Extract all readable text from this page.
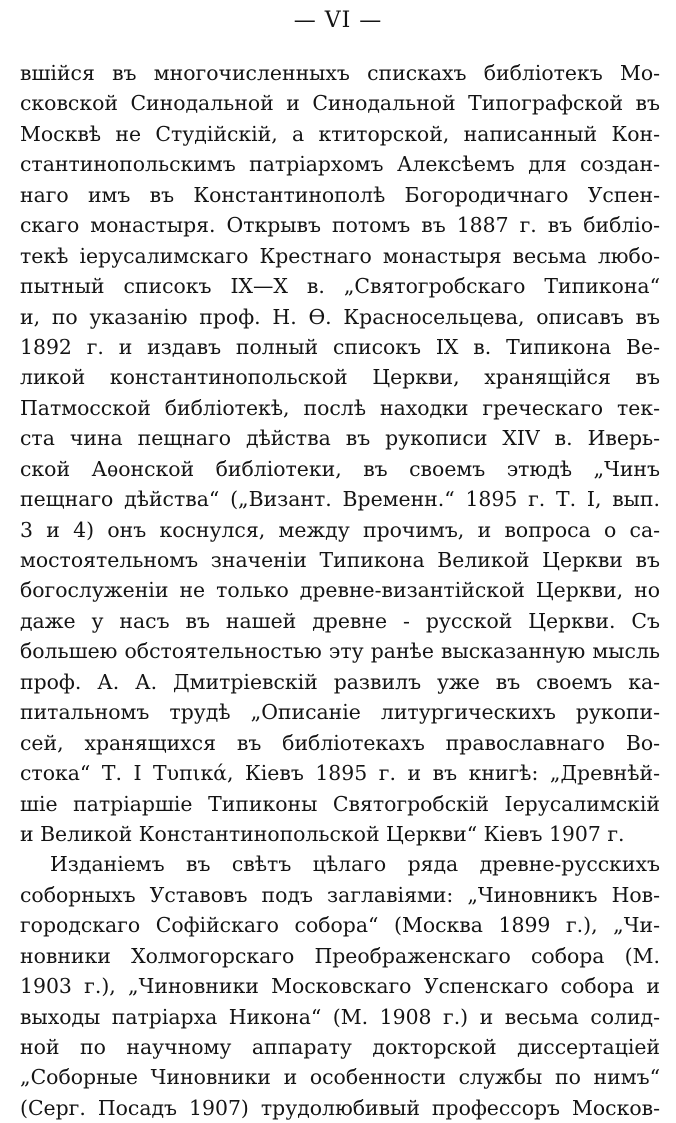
— VI —
вшійся въ многочисленныхъ спискахъ библіотекъ Мо-
сковской Синодальной и Синодальной Типографской въ
Москвѣ не Студійскій, а ктиторской, написанный Кон-
стантинопольскимъ патріархомъ Алексѣемъ для создан-
наго имъ въ Константинополѣ Богородичнаго Успен-
скаго монастыря. Открывъ потомъ въ 1887 г. въ библіо-
текѣ іерусалимскаго Крестнаго монастыря весьма любо-
пытный списокъ IX—X в. „Святогробскаго Типикона“
и, по указанію проф. Н. Ѳ. Красносельцева, описавъ въ
1892 г. и издавъ полный списокъ IX в. Типикона Ве-
ликой константинопольской Церкви, хранящійся въ
Патмосской библіотекѣ, послѣ находки греческаго тек-
ста чина пещнаго дѣйства въ рукописи XIV в. Иверь-
ской Аѳонской библіотеки, въ своемъ этюдѣ „Чинъ
пещнаго дѣйства“ („Визант. Временн.“ 1895 г. Т. I, вып.
3 и 4) онъ коснулся, между прочимъ, и вопроса о са-
мостоятельномъ значеніи Типикона Великой Церкви въ
богослуженіи не только древне-византійской Церкви, но
даже у насъ въ нашей древне - русской Церкви. Съ
большею обстоятельностью эту ранѣе высказанную мысль
проф. А. А. Дмитріевскій развилъ уже въ своемъ ка-
питальномъ трудѣ „Описаніе литургическихъ рукопи-
сей, хранящихся въ библіотекахъ православнаго Во-
стока“ Т. I Τυπικά, Кіевъ 1895 г. и въ книгѣ: „Древнѣй-
шіе патріаршіе Типиконы Святогробскій Іерусалимскій
и Великой Константинопольской Церкви“ Кіевъ 1907 г.
Изданіемъ въ свѣтъ цѣлаго ряда древне-русскихъ
соборныхъ Уставовъ подъ заглавіями: „Чиновникъ Нов-
городскаго Софійскаго собора“ (Москва 1899 г.), „Чи-
новники Холмогорскаго Преображенскаго собора (М.
1903 г.), „Чиновники Московскаго Успенскаго собора и
выходы патріарха Никона“ (М. 1908 г.) и весьма солид-
ной по научному аппарату докторской диссертаціей
„Соборные Чиновники и особенности службы по нимъ“
(Серг. Посадъ 1907) трудолюбивый профессоръ Москов-
